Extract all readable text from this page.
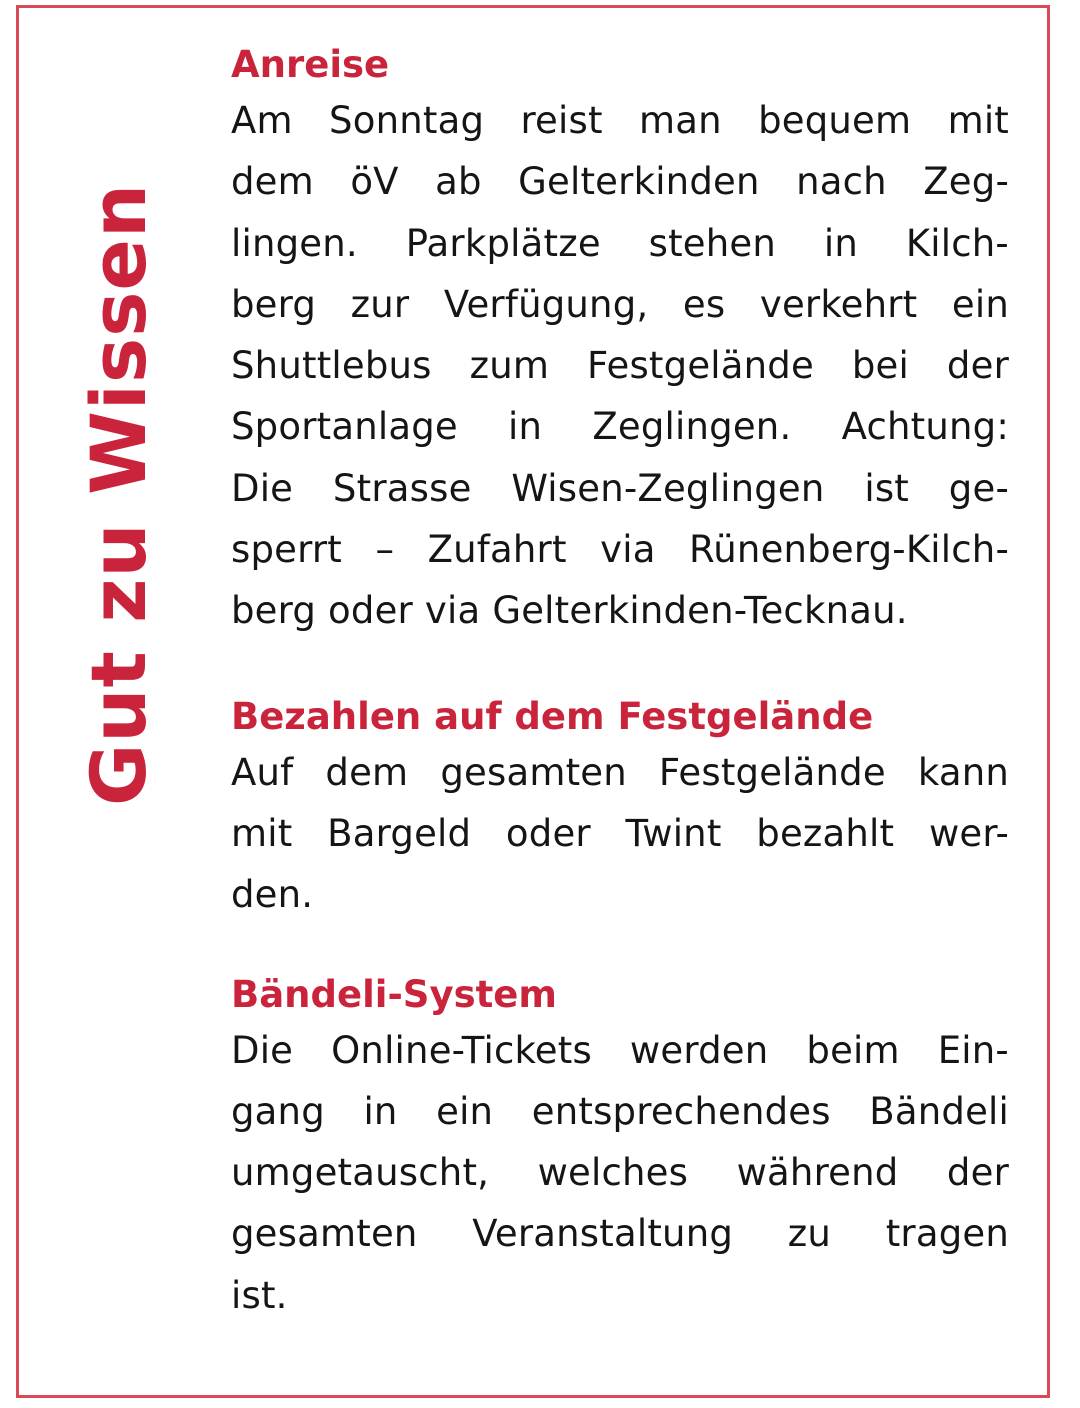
Gut zu Wissen
Anreise
Am Sonntag reist man bequem mit
dem öV ab Gelterkinden nach Zeg-
lingen. Parkplätze stehen in Kilch-
berg zur Verfügung, es verkehrt ein
Shuttlebus zum Festgelände bei der
Sportanlage in Zeglingen. Achtung:
Die Strasse Wisen-Zeglingen ist ge-
sperrt – Zufahrt via Rünenberg-Kilch-
berg oder via Gelterkinden-Tecknau.
Bezahlen auf dem Festgelände
Auf dem gesamten Festgelände kann
mit Bargeld oder Twint bezahlt wer-
den.
Bändeli-System
Die Online-Tickets werden beim Ein-
gang in ein entsprechendes Bändeli
umgetauscht, welches während der
gesamten Veranstaltung zu tragen
ist.
